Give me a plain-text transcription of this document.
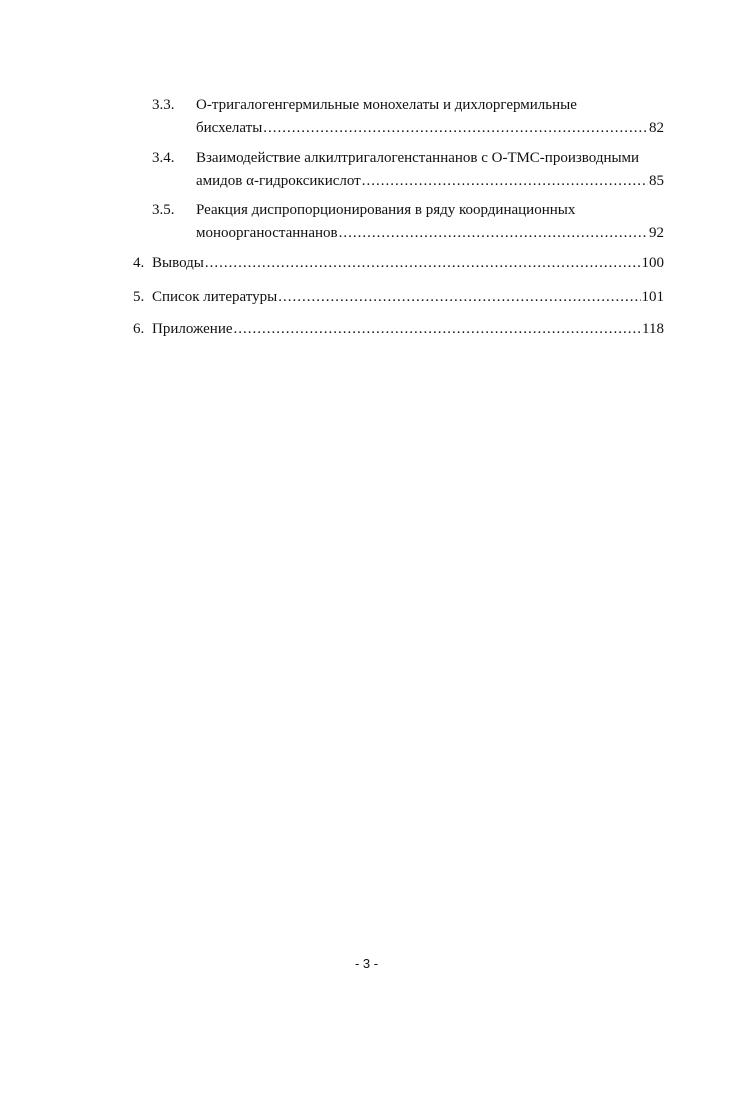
3.3. О-тригалогенгермильные монохелаты и дихлоргермильные
бисхелаты .....	82
3.4. Взаимодействие алкилтригалогенстаннанов с О-ТМС-производными
амидов α-гидроксикислот .....	85
3.5. Реакция диспропорционирования в ряду координационных
моноорганостаннанов .....	92
4. Выводы .....	100
5. Список литературы .....	101
6. Приложение .....	118
- 3 -
